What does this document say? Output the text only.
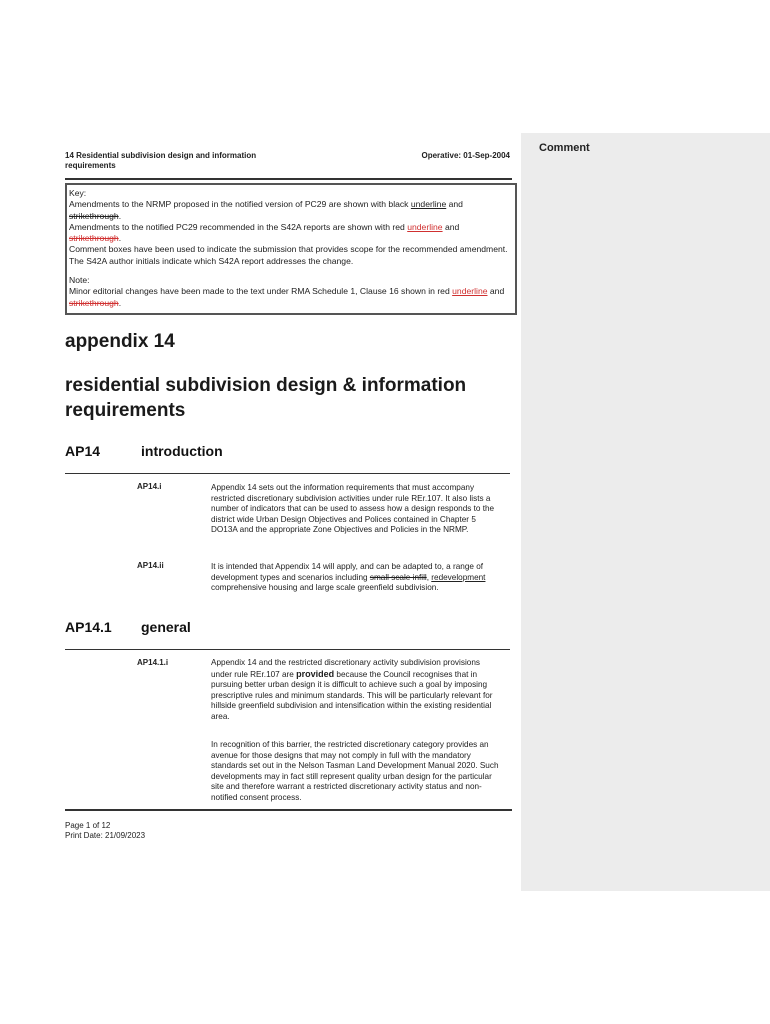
Comment
14 Residential subdivision design and information requirements
Operative: 01-Sep-2004

Key:

Amendments to the NRMP proposed in the notified version of PC29 are shown with black underline and strikethrough.

Amendments to the notified PC29 recommended in the S42A reports are shown with red underline and strikethrough.

Comment boxes have been used to indicate the submission that provides scope for the recommended amendment. The S42A author initials indicate which S42A report addresses the change.

Note:

Minor editorial changes have been made to the text under RMA Schedule 1, Clause 16 shown in red underline and strikethrough.

appendix 14
residential subdivision design & information requirements
AP14	introduction
AP14.i	Appendix 14 sets out the information requirements that must accompany restricted discretionary subdivision activities under rule REr.107. It also lists a number of indicators that can be used to assess how a design responds to the district wide Urban Design Objectives and Polices contained in Chapter 5 DO13A and the appropriate Zone Objectives and Policies in the NRMP.
AP14.ii	It is intended that Appendix 14 will apply, and can be adapted to, a range of development types and scenarios including small scale infill, redevelopment comprehensive housing and large scale greenfield subdivision.
AP14.1 general
AP14.1.i	Appendix 14 and the restricted discretionary activity subdivision provisions under rule REr.107 are provided because the Council recognises that in pursuing better urban design it is difficult to achieve such a goal by imposing prescriptive rules and minimum standards. This will be particularly relevant for hillside greenfield subdivision and intensification within the existing residential area.
In recognition of this barrier, the restricted discretionary category provides an avenue for those designs that may not comply in full with the mandatory standards set out in the Nelson Tasman Land Development Manual 2020. Such developments may in fact still represent quality urban design for the particular site and therefore warrant a restricted discretionary activity status and non-notified consent process.
Page 1 of 12
Print Date: 21/09/2023
